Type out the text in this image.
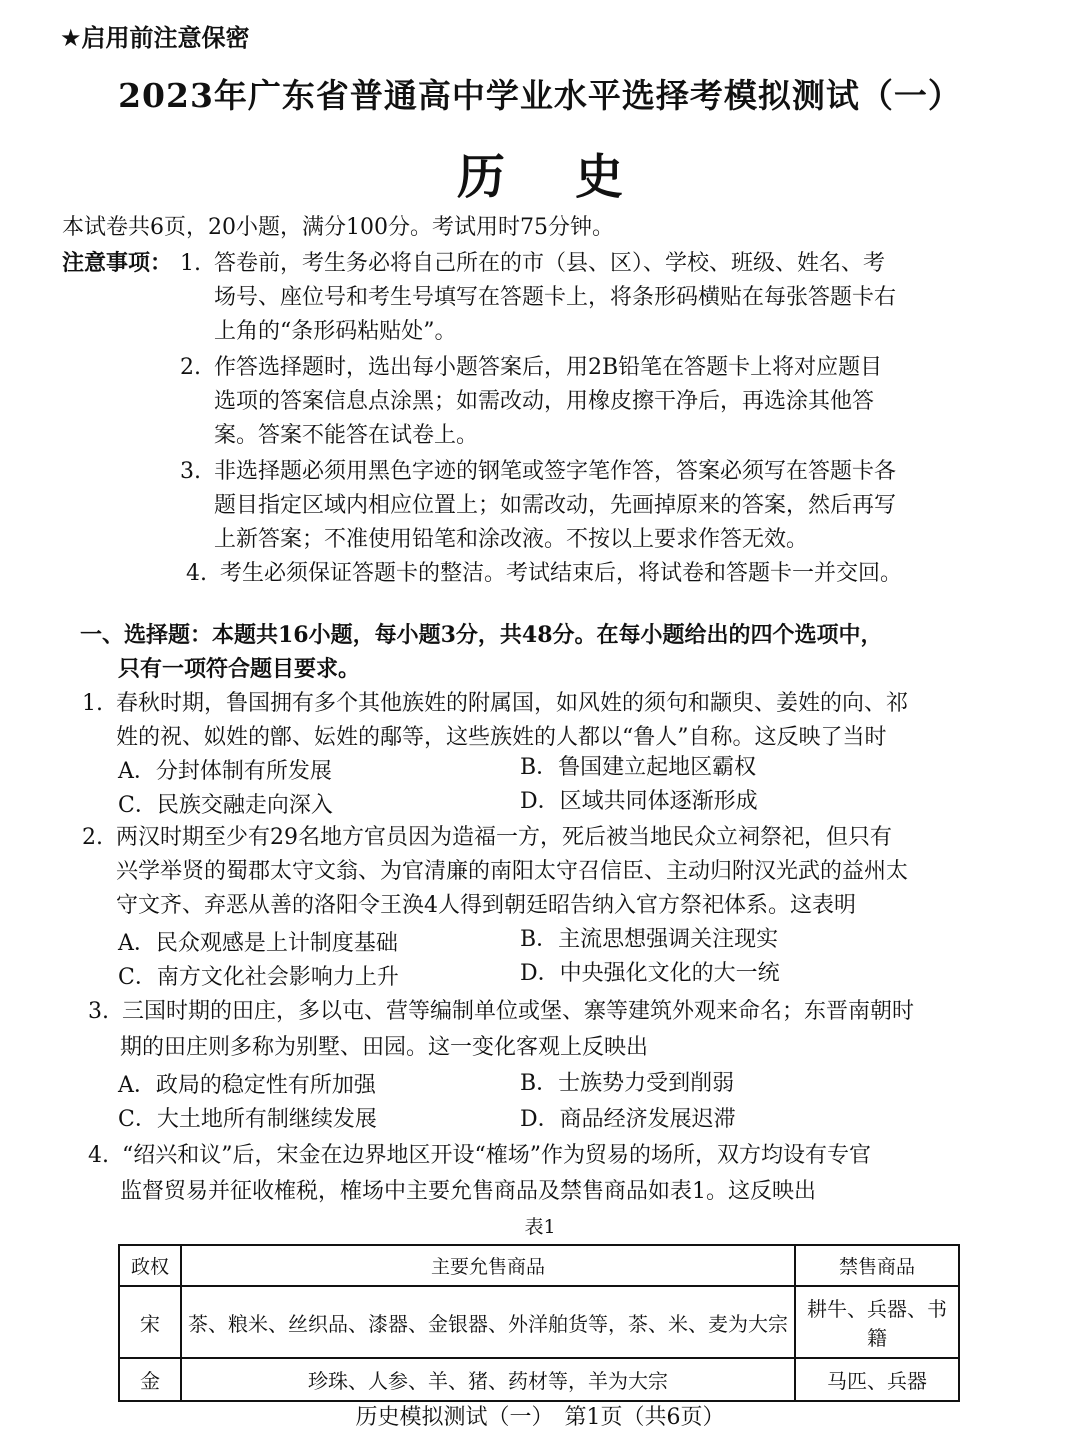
★启用前注意保密
2023年广东省普通高中学业水平选择考模拟测试（一）
历史
本试卷共6页，20小题，满分100分。考试用时75分钟。
注意事项： 1. 答卷前，考生务必将自己所在的市（县、区）、学校、班级、姓名、考
场号、座位号和考生号填写在答题卡上，将条形码横贴在每张答题卡右
上角的“条形码粘贴处”。
2. 作答选择题时，选出每小题答案后，用2B铅笔在答题卡上将对应题目
选项的答案信息点涂黑；如需改动，用橡皮擦干净后，再选涂其他答
案。答案不能答在试卷上。
3. 非选择题必须用黑色字迹的钢笔或签字笔作答，答案必须写在答题卡各
题目指定区域内相应位置上；如需改动，先画掉原来的答案，然后再写
上新答案；不准使用铅笔和涂改液。不按以上要求作答无效。
4. 考生必须保证答题卡的整洁。考试结束后，将试卷和答题卡一并交回。
一、选择题：本题共16小题，每小题3分，共48分。在每小题给出的四个选项中，
只有一项符合题目要求。
1. 春秋时期，鲁国拥有多个其他族姓的附属国，如风姓的须句和颛臾、姜姓的向、祁
姓的祝、姒姓的鄫、妘姓的鄅等，这些族姓的人都以“鲁人”自称。这反映了当时
A．分封体制有所发展	B．鲁国建立起地区霸权
C．民族交融走向深入	D．区域共同体逐渐形成
2. 两汉时期至少有29名地方官员因为造福一方，死后被当地民众立祠祭祀，但只有
兴学举贤的蜀郡太守文翁、为官清廉的南阳太守召信臣、主动归附汉光武的益州太
守文齐、弃恶从善的洛阳令王涣4人得到朝廷昭告纳入官方祭祀体系。这表明
A．民众观感是上计制度基础	B．主流思想强调关注现实
C．南方文化社会影响力上升	D．中央强化文化的大一统
3. 三国时期的田庄，多以屯、营等编制单位或堡、寨等建筑外观来命名；东晋南朝时
期的田庄则多称为别墅、田园。这一变化客观上反映出
A．政局的稳定性有所加强	B．士族势力受到削弱
C．大土地所有制继续发展	D．商品经济发展迟滞
4. “绍兴和议”后，宋金在边界地区开设“榷场”作为贸易的场所，双方均设有专官
监督贸易并征收榷税，榷场中主要允售商品及禁售商品如表1。这反映出
表1
政权	主要允售商品	禁售商品
宋	茶、粮米、丝织品、漆器、金银器、外洋舶货等，茶、米、麦为大宗	耕牛、兵器、书籍
金	珍珠、人参、羊、猪、药材等，羊为大宗	马匹、兵器
历史模拟测试（一）　第1页（共6页）
